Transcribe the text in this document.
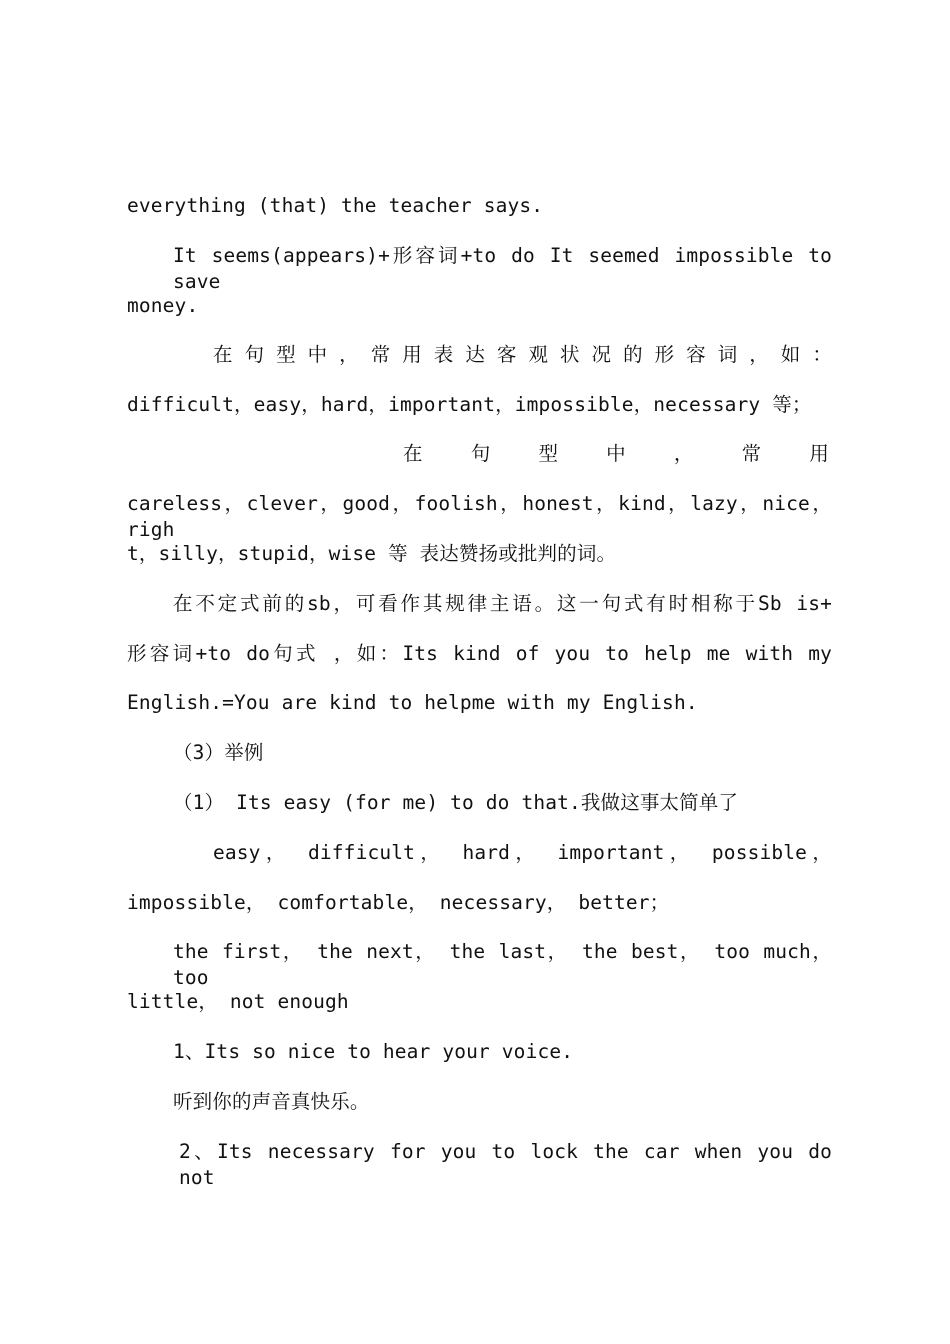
everything (that) the teacher says.
It seems(appears)+形容词+to do It seemed impossible to save
money.
在 句 型 中 ， 常 用 表 达 客 观 状 况 的 形 容 词 ， 如 ：
difficult，easy，hard，important，impossible，necessary 等；
在 句 型 中 ， 常 用
careless，clever，good，foolish，honest，kind，lazy，nice，righ
t，silly，stupid，wise 等 表达赞扬或批判的词。
在不定式前的sb，可看作其规律主语。这一句式有时相称于Sb is+
形容词+to do句式 ，如：Its kind of you to help me with my
English.=You are kind to helpme with my English.
（3）举例
（1） Its easy (for me) to do that.我做这事太简单了
easy， difficult， hard， important， possible，
impossible， comfortable， necessary， better；
the first， the next， the last， the best， too much， too
little， not enough
1、Its so nice to hear your voice.
听到你的声音真快乐。
2、Its necessary for you to lock the car when you do not
